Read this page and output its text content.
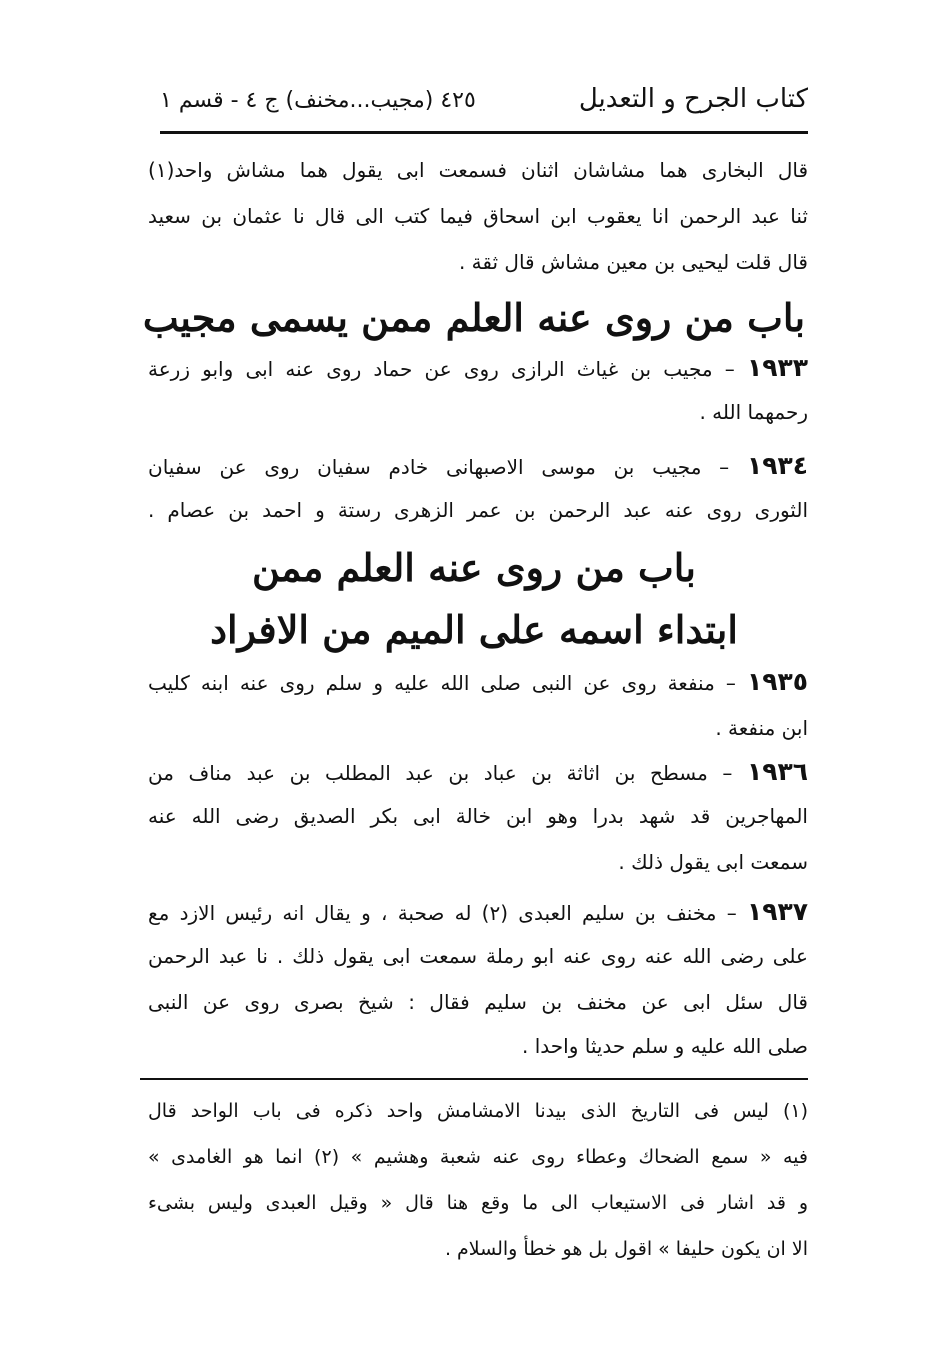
كتاب الجرح و التعديل
٤٢٥ (مجيب...مخنف) ج ٤ - قسم ١
قال البخارى هما مشاشان اثنان فسمعت ابى يقول هما مشاش واحد(١)
ثنا عبد الرحمن انا يعقوب ابن اسحاق فيما كتب الى قال نا عثمان بن سعيد
قال قلت ليحيى بن معين مشاش قال ثقة .
باب من روى عنه العلم ممن يسمى مجيب
١٩٣٣ – مجيب بن غياث الرازى روى عن حماد روى عنه ابى وابو زرعة
رحمهما الله .
١٩٣٤ – مجيب بن موسى الاصبهانى خادم سفيان روى عن سفيان
الثورى روى عنه عبد الرحمن بن عمر الزهرى رستة و احمد بن عصام .
باب من روى عنه العلم ممن
ابتداء اسمه على الميم من الافراد
١٩٣٥ – منفعة روى عن النبى صلى الله عليه و سلم روى عنه ابنه كليب
ابن منفعة .
١٩٣٦ – مسطح بن اثاثة بن عباد بن عبد المطلب بن عبد مناف من
المهاجرين قد شهد بدرا وهو ابن خالة ابى بكر الصديق رضى الله عنه
سمعت ابى يقول ذلك .
١٩٣٧ – مخنف بن سليم العبدى (٢) له صحبة ، و يقال انه رئيس الازد مع
على رضى الله عنه روى عنه ابو رملة سمعت ابى يقول ذلك . نا عبد الرحمن
قال سئل ابى عن مخنف بن سليم فقال : شيخ بصرى روى عن النبى
صلى الله عليه و سلم حديثا واحدا .
(١) ليس فى التاريخ الذى بيدنا الامشامش واحد ذكره فى باب الواحد قال
فيه « سمع الضحاك وعطاء روى عنه شعبة وهشيم » (٢) انما هو الغامدى »
و قد اشار فى الاستيعاب الى ما وقع هنا قال « وقيل العبدى وليس بشىء
الا ان يكون حليفا » اقول بل هو خطأ والسلام .
